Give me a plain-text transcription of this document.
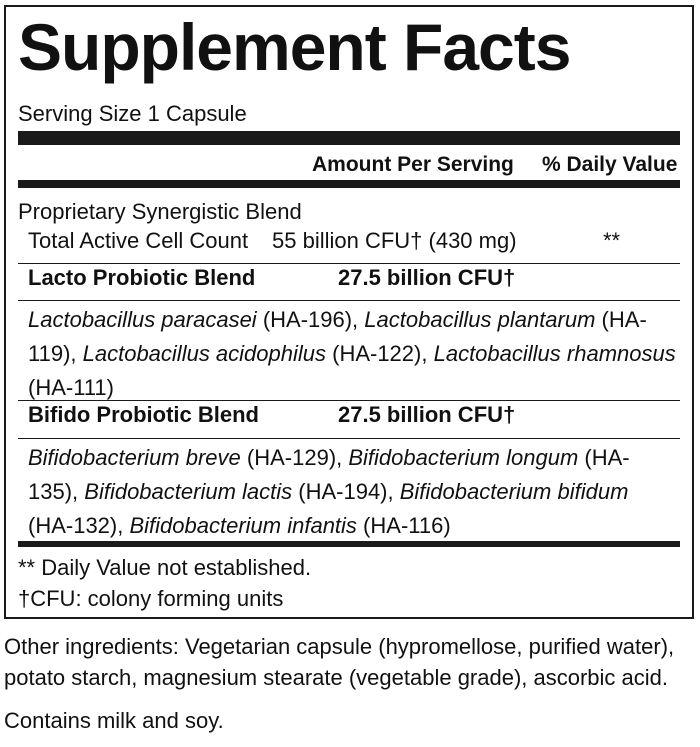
Supplement Facts
Serving Size 1 Capsule
Amount Per Serving % Daily Value
Proprietary Synergistic Blend
Total Active Cell Count 55 billion CFU† (430 mg)	**
Lacto Probiotic Blend	27.5 billion CFU†
Lactobacillus paracasei (HA-196), Lactobacillus plantarum (HA-119), Lactobacillus acidophilus (HA-122), Lactobacillus rhamnosus (HA-111)
Bifido Probiotic Blend	27.5 billion CFU†
Bifidobacterium breve (HA-129), Bifidobacterium longum (HA-135), Bifidobacterium lactis (HA-194), Bifidobacterium bifidum (HA-132), Bifidobacterium infantis (HA-116)
** Daily Value not established.
†CFU: colony forming units
Other ingredients: Vegetarian capsule (hypromellose, purified water),
potato starch, magnesium stearate (vegetable grade), ascorbic acid.
Contains milk and soy.
